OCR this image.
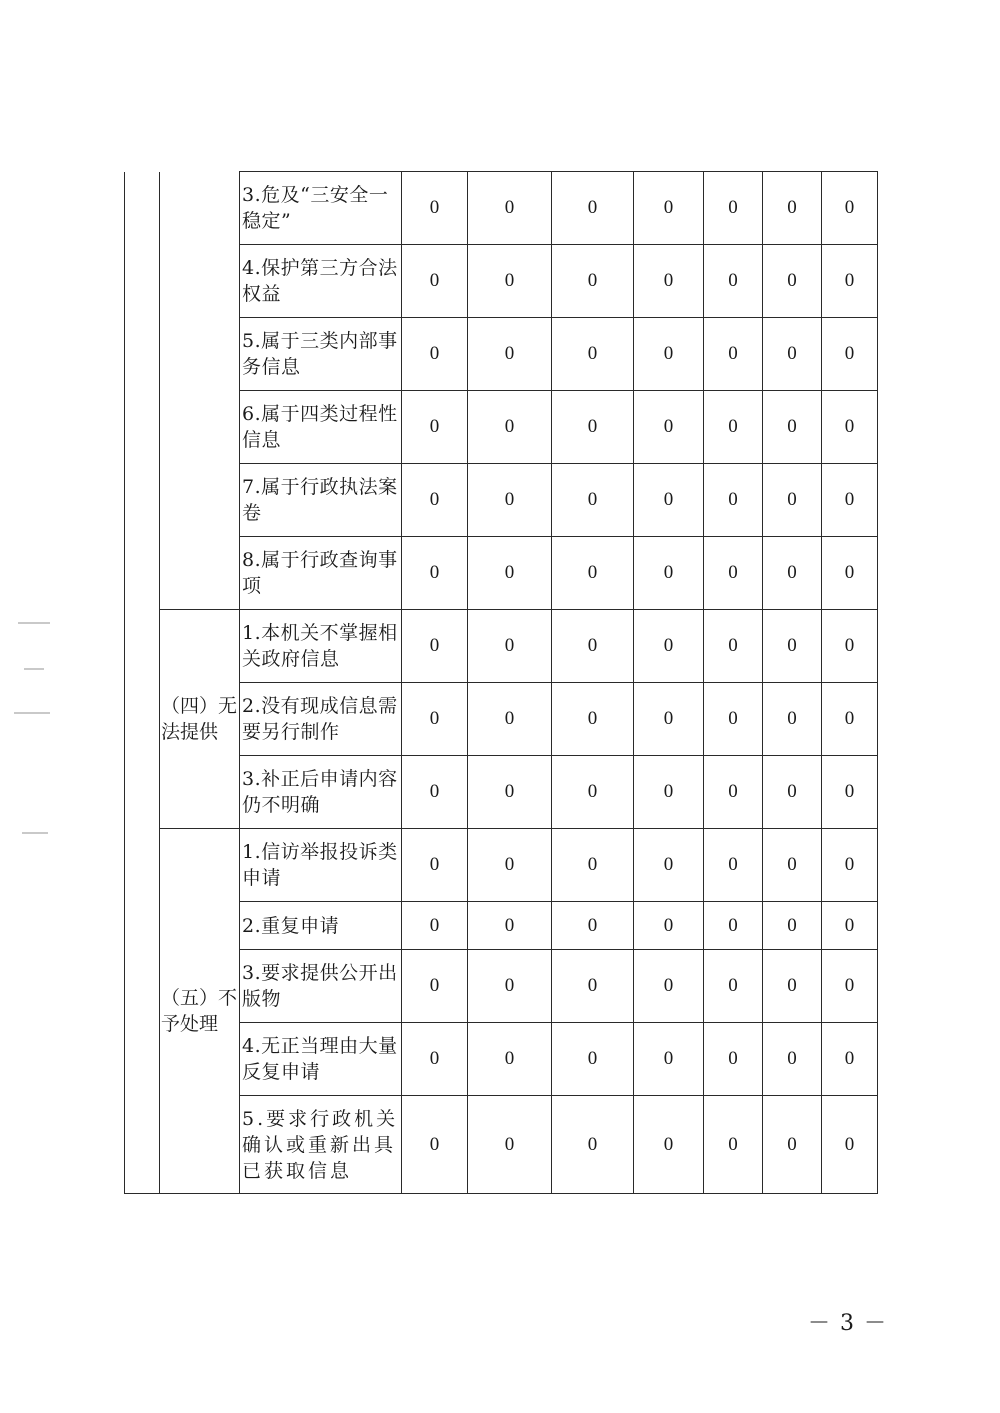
		3.危及“三安全一稳定”	0	0	0	0	0	0	0
		4.保护第三方合法权益	0	0	0	0	0	0	0
		5.属于三类内部事务信息	0	0	0	0	0	0	0
		6.属于四类过程性信息	0	0	0	0	0	0	0
		7.属于行政执法案卷	0	0	0	0	0	0	0
		8.属于行政查询事项	0	0	0	0	0	0	0
	（四）无法提供	1.本机关不掌握相关政府信息	0	0	0	0	0	0	0
		2.没有现成信息需要另行制作	0	0	0	0	0	0	0
		3.补正后申请内容仍不明确	0	0	0	0	0	0	0
	（五）不予处理	1.信访举报投诉类申请	0	0	0	0	0	0	0
		2.重复申请	0	0	0	0	0	0	0
		3.要求提供公开出版物	0	0	0	0	0	0	0
		4.无正当理由大量反复申请	0	0	0	0	0	0	0
		5.要求行政机关确认或重新出具已获取信息	0	0	0	0	0	0	0
－3－
